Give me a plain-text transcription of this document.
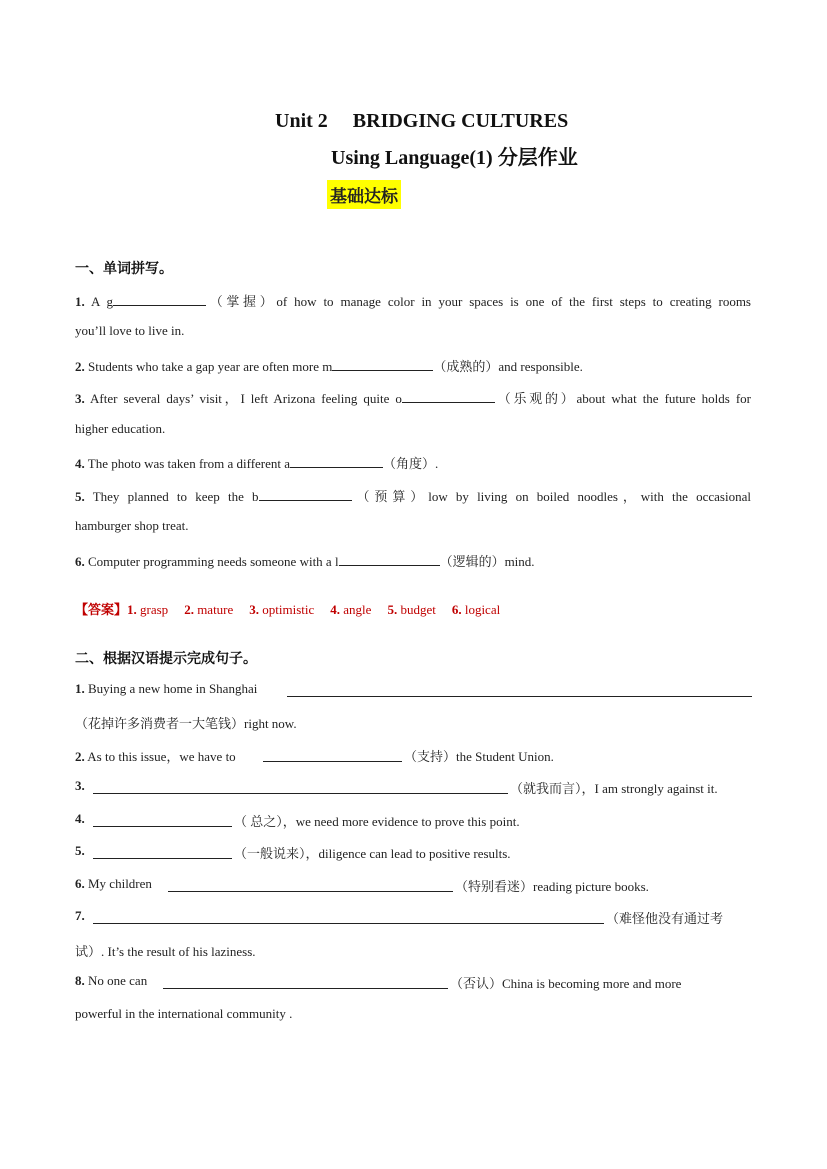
Unit 2　 BRIDGING CULTURES
Using Language(1) 分层作业
基础达标
一、单词拼写。
1. A g	（掌握）of how to manage color in your spaces is one of the first steps to creating rooms
you’ll love to live in.
2. Students who take a gap year are often more m	（成熟的）and responsible.
3. After several days’ visit，I left Arizona feeling quite o	（乐观的）about what the future holds for
higher education.
4. The photo was taken from a different a	（角度）.
5. They planned to keep the b	（预算）low by living on boiled noodles，with the occasional
hamburger shop treat.
6. Computer programming needs someone with a l	（逻辑的）mind.
【答案】1. grasp 2. mature 3. optimistic 4. angle 5. budget 6. logical
二、根据汉语提示完成句子。
1. Buying a new home in Shanghai
（花掉许多消费者一大笔钱）right now.
2. As to this issue，we have to	（支持）the Student Union.
3.	（就我而言），I am strongly against it.
4.	（ 总之），we need more evidence to prove this point.
5.	（一般说来），diligence can lead to positive results.
6. My children	（特别看迷）reading picture books.
7.	（难怪他没有通过考
试）. It’s the result of his laziness.
8. No one can	（否认）China is becoming more and more
powerful in the international community .
